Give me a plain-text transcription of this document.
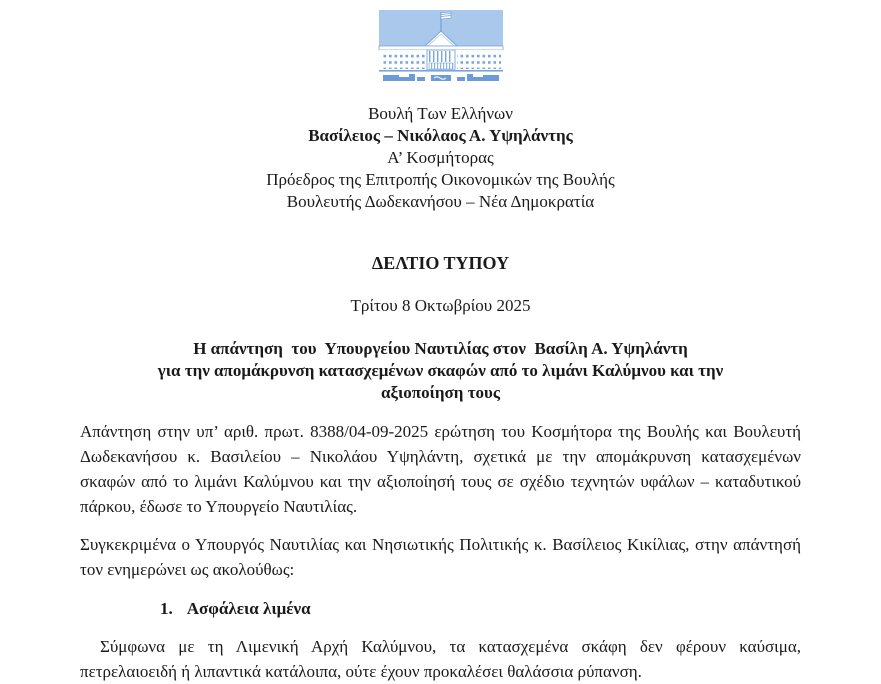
Βουλή Των Ελλήνων
Βασίλειος – Νικόλαος Α. Υψηλάντης
Α’ Κοσμήτορας
Πρόεδρος της Επιτροπής Οικονομικών της Βουλής
Βουλευτής Δωδεκανήσου – Νέα Δημοκρατία
ΔΕΛΤΙΟ ΤΥΠΟΥ
Τρίτου 8 Οκτωβρίου 2025
Η απάντηση  του  Υπουργείου Ναυτιλίας στον  Βασίλη Α. Υψηλάντη
για την απομάκρυνση κατασχεμένων σκαφών από το λιμάνι Καλύμνου και την
αξιοποίηση τους

Απάντηση στην υπ’ αριθ. πρωτ. 8388/04-09-2025 ερώτηση του Κοσμήτορα της Βουλής και Βουλευτή Δωδεκανήσου κ. Βασιλείου – Νικολάου Υψηλάντη, σχετικά με την απομάκρυνση κατασχεμένων σκαφών από το λιμάνι Καλύμνου και την αξιοποίησή τους σε σχέδιο τεχνητών υφάλων – καταδυτικού πάρκου, έδωσε το Υπουργείο Ναυτιλίας.

Συγκεκριμένα ο Υπουργός Ναυτιλίας και Νησιωτικής Πολιτικής κ. Βασίλειος Κικίλιας, στην απάντησή τον ενημερώνει ως ακολούθως:

1. Ασφάλεια λιμένα

Σύμφωνα με τη Λιμενική Αρχή Καλύμνου, τα κατασχεμένα σκάφη δεν φέρουν καύσιμα, πετρελαιοειδή ή λιπαντικά κατάλοιπα, ούτε έχουν προκαλέσει θαλάσσια ρύπανση.
